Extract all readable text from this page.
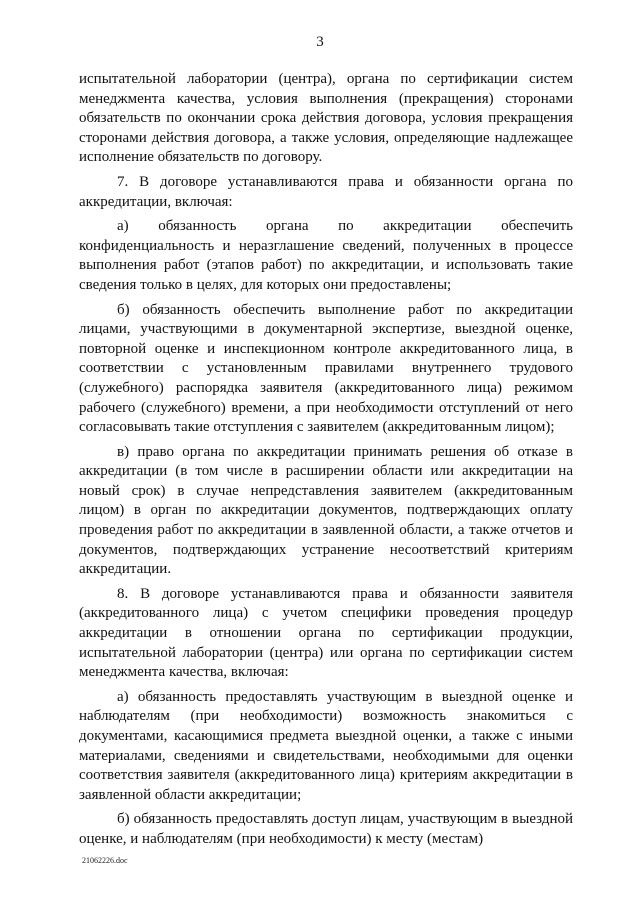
3

испытательной лаборатории (центра), органа по сертификации систем менеджмента качества, условия выполнения (прекращения) сторонами обязательств по окончании срока действия договора, условия прекращения сторонами действия договора, а также условия, определяющие надлежащее исполнение обязательств по договору.

7. В договоре устанавливаются права и обязанности органа по аккредитации, включая:

а) обязанность органа по аккредитации обеспечить конфиденциальность и неразглашение сведений, полученных в процессе выполнения работ (этапов работ) по аккредитации, и использовать такие сведения только в целях, для которых они предоставлены;

б) обязанность обеспечить выполнение работ по аккредитации лицами, участвующими в документарной экспертизе, выездной оценке, повторной оценке и инспекционном контроле аккредитованного лица, в соответствии с установленным правилами внутреннего трудового (служебного) распорядка заявителя (аккредитованного лица) режимом рабочего (служебного) времени, а при необходимости отступлений от него согласовывать такие отступления с заявителем (аккредитованным лицом);

в) право органа по аккредитации принимать решения об отказе в аккредитации (в том числе в расширении области или аккредитации на новый срок) в случае непредставления заявителем (аккредитованным лицом) в орган по аккредитации документов, подтверждающих оплату проведения работ по аккредитации в заявленной области, а также отчетов и документов, подтверждающих устранение несоответствий критериям аккредитации.

8. В договоре устанавливаются права и обязанности заявителя (аккредитованного лица) с учетом специфики проведения процедур аккредитации в отношении органа по сертификации продукции, испытательной лаборатории (центра) или органа по сертификации систем менеджмента качества, включая:

а) обязанность предоставлять участвующим в выездной оценке и наблюдателям (при необходимости) возможность знакомиться с документами, касающимися предмета выездной оценки, а также с иными материалами, сведениями и свидетельствами, необходимыми для оценки соответствия заявителя (аккредитованного лица) критериям аккредитации в заявленной области аккредитации;

б) обязанность предоставлять доступ лицам, участвующим в выездной оценке, и наблюдателям (при необходимости) к месту (местам)

21062226.doc
